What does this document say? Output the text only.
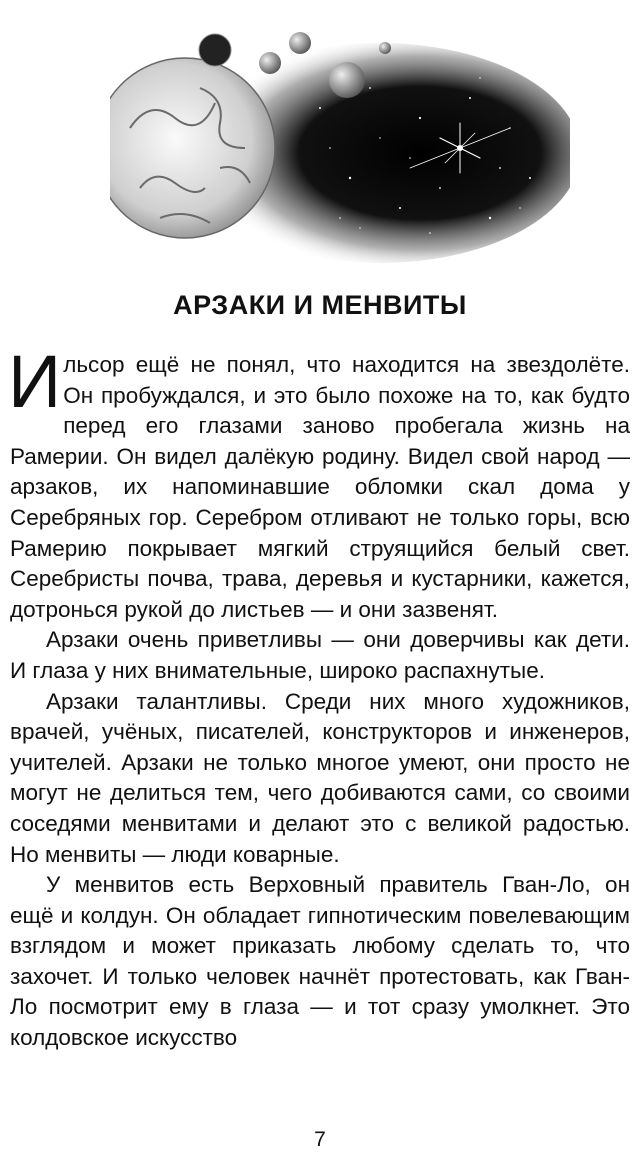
АРЗАКИ И МЕНВИТЫ

Ильсор ещё не понял, что находится на звездолёте. Он пробуждался, и это было похоже на то, как будто перед его глазами заново пробегала жизнь на Рамерии. Он видел далёкую родину. Видел свой народ — арзаков, их напоминавшие обломки скал дома у Серебряных гор. Серебром отливают не только горы, всю Рамерию покрывает мягкий струящийся белый свет. Серебристы почва, трава, деревья и кустарники, кажется, дотронься рукой до листьев — и они зазвенят.

Арзаки очень приветливы — они доверчивы как дети. И глаза у них внимательные, широко распахнутые.

Арзаки талантливы. Среди них много художников, врачей, учёных, писателей, конструкторов и инженеров, учителей. Арзаки не только многое умеют, они просто не могут не делиться тем, чего добиваются сами, со своими соседями менвитами и делают это с великой радостью. Но менвиты — люди коварные.

У менвитов есть Верховный правитель Гван-Ло, он ещё и колдун. Он обладает гипнотическим повелевающим взглядом и может приказать любому сделать то, что захочет. И только человек начнёт протестовать, как Гван-Ло посмотрит ему в глаза — и тот сразу умолкнет. Это колдовское искусство

7
